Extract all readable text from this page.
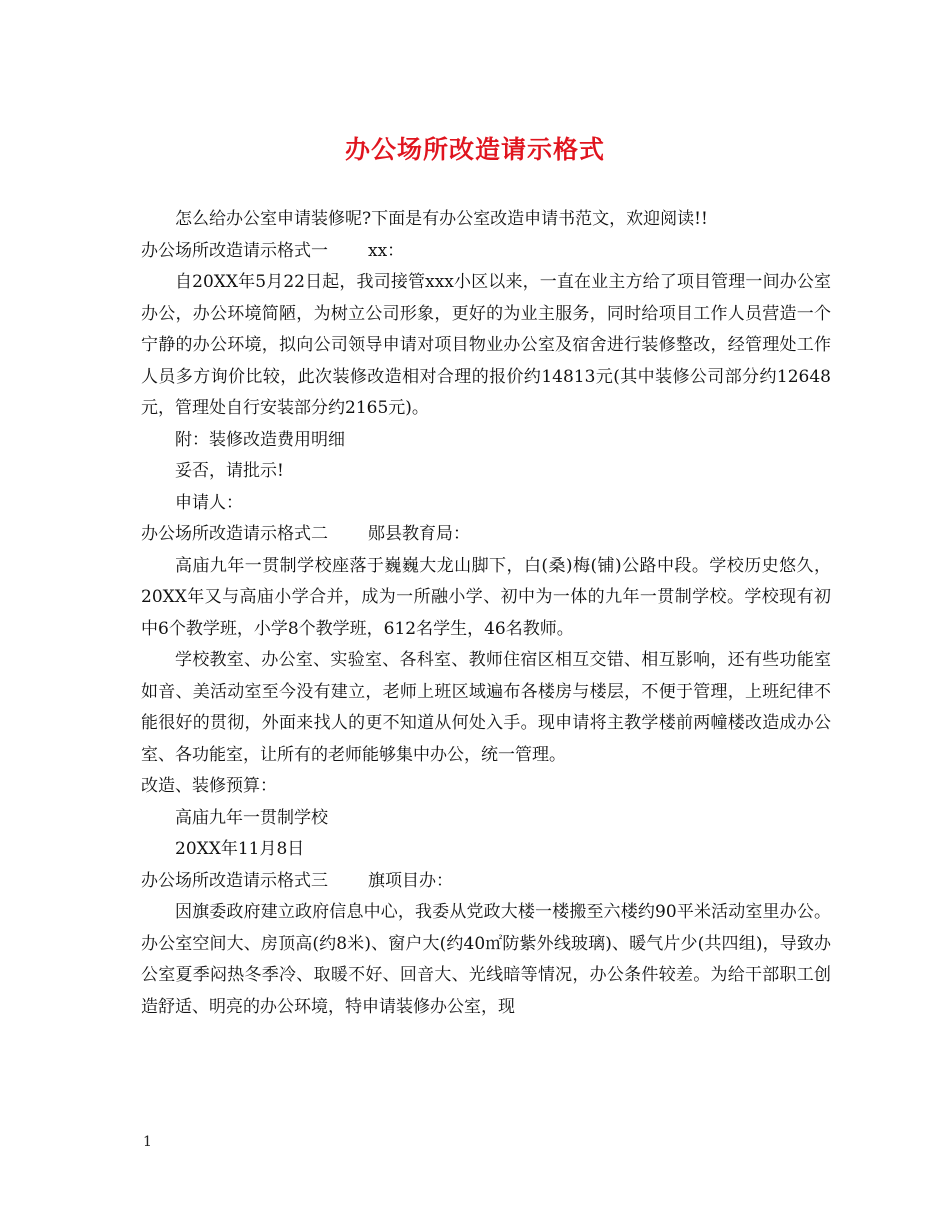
办公场所改造请示格式

怎么给办公室申请装修呢?下面是有办公室改造申请书范文，欢迎阅读!!

办公场所改造请示格式一 xx：

自20XX年5月22日起，我司接管xxx小区以来，一直在业主方给了项目管理一间办公室办公，办公环境简陋，为树立公司形象，更好的为业主服务，同时给项目工作人员营造一个宁静的办公环境，拟向公司领导申请对项目物业办公室及宿舍进行装修整改，经管理处工作人员多方询价比较，此次装修改造相对合理的报价约14813元(其中装修公司部分约12648元，管理处自行安装部分约2165元)。

附：装修改造费用明细

妥否，请批示!

申请人：

办公场所改造请示格式二 郧县教育局：

高庙九年一贯制学校座落于巍巍大龙山脚下，白(桑)梅(铺)公路中段。学校历史悠久，20XX年又与高庙小学合并，成为一所融小学、初中为一体的九年一贯制学校。学校现有初中6个教学班，小学8个教学班，612名学生，46名教师。

学校教室、办公室、实验室、各科室、教师住宿区相互交错、相互影响，还有些功能室如音、美活动室至今没有建立，老师上班区域遍布各楼房与楼层，不便于管理，上班纪律不能很好的贯彻，外面来找人的更不知道从何处入手。现申请将主教学楼前两幢楼改造成办公室、各功能室，让所有的老师能够集中办公，统一管理。

改造、装修预算：

高庙九年一贯制学校

20XX年11月8日

办公场所改造请示格式三 旗项目办：

因旗委政府建立政府信息中心，我委从党政大楼一楼搬至六楼约90平米活动室里办公。办公室空间大、房顶高(约8米)、窗户大(约40㎡防紫外线玻璃)、暖气片少(共四组)，导致办公室夏季闷热冬季冷、取暖不好、回音大、光线暗等情况，办公条件较差。为给干部职工创造舒适、明亮的办公环境，特申请装修办公室，现

1
